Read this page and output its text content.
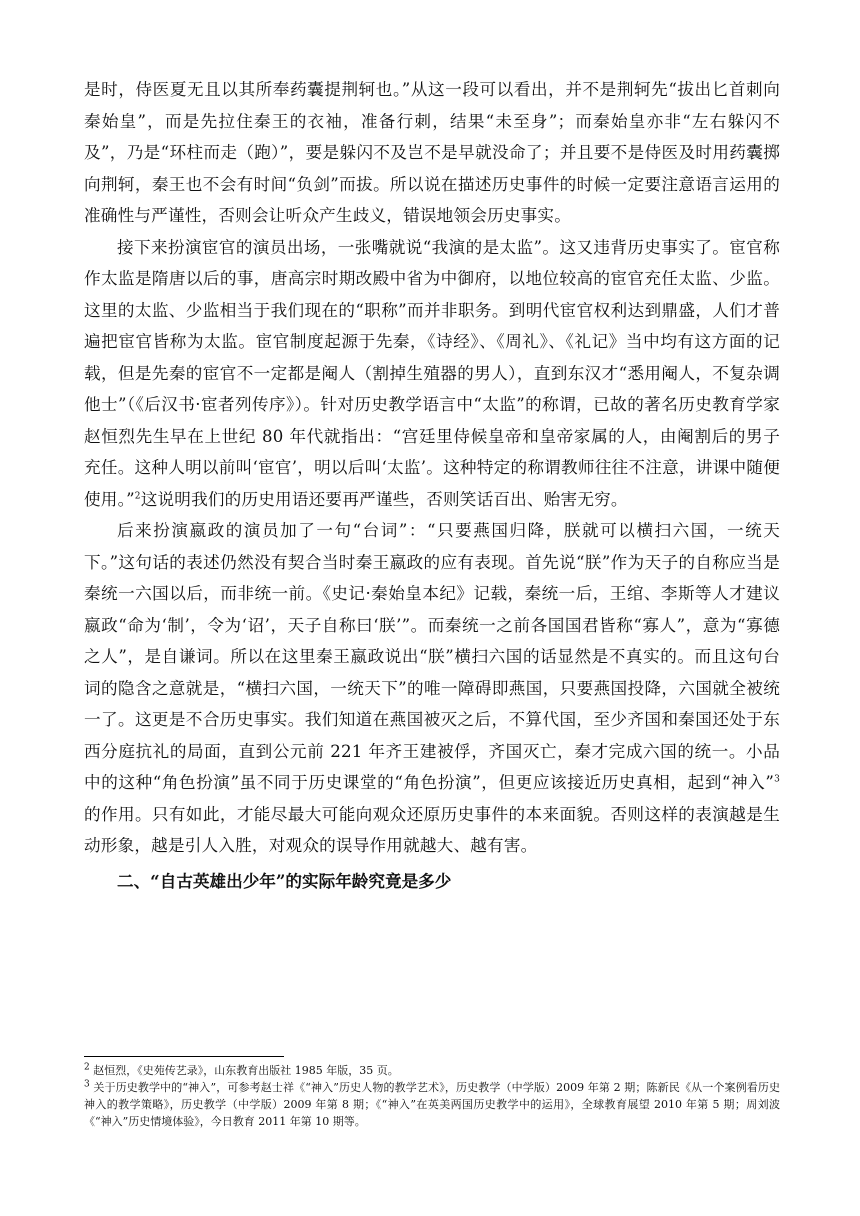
是时，侍医夏无且以其所奉药囊提荆轲也。”从这一段可以看出，并不是荆轲先“拔出匕首刺向秦始皇”，而是先拉住秦王的衣袖，准备行刺，结果“未至身”；而秦始皇亦非“左右躲闪不及”，乃是“环柱而走（跑）”，要是躲闪不及岂不是早就没命了；并且要不是侍医及时用药囊掷向荆轲，秦王也不会有时间“负剑”而拔。所以说在描述历史事件的时候一定要注意语言运用的准确性与严谨性，否则会让听众产生歧义，错误地领会历史事实。

接下来扮演宦官的演员出场，一张嘴就说“我演的是太监”。这又违背历史事实了。宦官称作太监是隋唐以后的事，唐高宗时期改殿中省为中御府，以地位较高的宦官充任太监、少监。这里的太监、少监相当于我们现在的“职称”而并非职务。到明代宦官权利达到鼎盛，人们才普遍把宦官皆称为太监。宦官制度起源于先秦，《诗经》、《周礼》、《礼记》当中均有这方面的记载，但是先秦的宦官不一定都是阉人（割掉生殖器的男人），直到东汉才“悉用阉人，不复杂调他士”（《后汉书·宦者列传序》）。针对历史教学语言中“太监”的称谓，已故的著名历史教育学家赵恒烈先生早在上世纪 80 年代就指出：“宫廷里侍候皇帝和皇帝家属的人，由阉割后的男子充任。这种人明以前叫‘宦官’，明以后叫‘太监’。这种特定的称谓教师往往不注意，讲课中随便使用。”$^2$这说明我们的历史用语还要再严谨些，否则笑话百出、贻害无穷。

后来扮演嬴政的演员加了一句“台词”：“只要燕国归降，朕就可以横扫六国，一统天下。”这句话的表述仍然没有契合当时秦王嬴政的应有表现。首先说“朕”作为天子的自称应当是秦统一六国以后，而非统一前。《史记·秦始皇本纪》记载，秦统一后，王绾、李斯等人才建议嬴政“命为‘制’，令为‘诏’，天子自称曰‘朕’”。而秦统一之前各国国君皆称“寡人”，意为“寡德之人”，是自谦词。所以在这里秦王嬴政说出“朕”横扫六国的话显然是不真实的。而且这句台词的隐含之意就是，“横扫六国，一统天下”的唯一障碍即燕国，只要燕国投降，六国就全被统一了。这更是不合历史事实。我们知道在燕国被灭之后，不算代国，至少齐国和秦国还处于东西分庭抗礼的局面，直到公元前 221 年齐王建被俘，齐国灭亡，秦才完成六国的统一。小品中的这种“角色扮演”虽不同于历史课堂的“角色扮演”，但更应该接近历史真相，起到“神入”$^3$的作用。只有如此，才能尽最大可能向观众还原历史事件的本来面貌。否则这样的表演越是生动形象，越是引人入胜，对观众的误导作用就越大、越有害。

二、“自古英雄出少年”的实际年龄究竟是多少

$^2$ 赵恒烈，《史苑传艺录》，山东教育出版社 1985 年版，35 页。

$^3$ 关于历史教学中的“神入”，可参考赵士祥《“神入”历史人物的教学艺术》，历史教学（中学版）2009 年第 2 期；陈新民《从一个案例看历史神入的教学策略》，历史教学（中学版）2009 年第 8 期；《“神入”在英美两国历史教学中的运用》，全球教育展望 2010 年第 5 期；周刘波《“神入”历史情境体验》，今日教育 2011 年第 10 期等。
